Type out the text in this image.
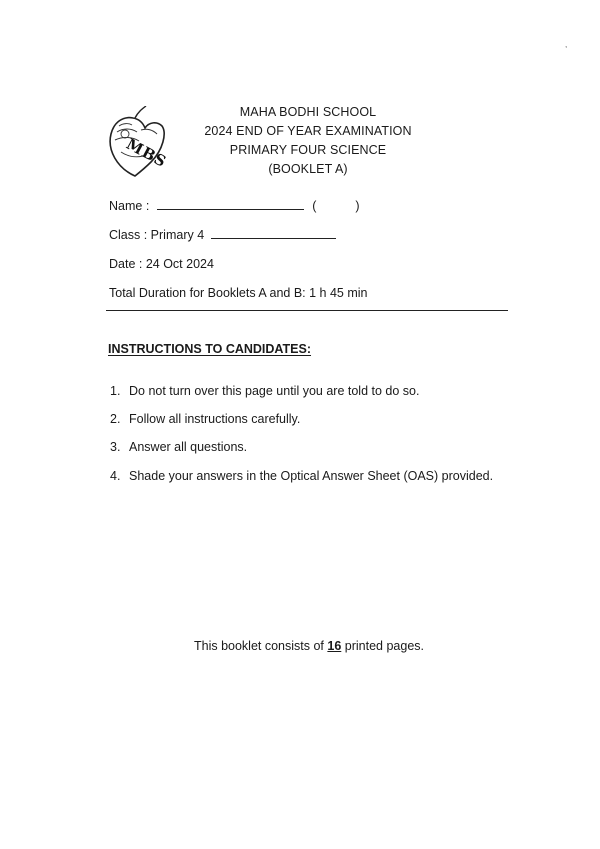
,
MBS
MAHA BODHI SCHOOL
2024 END OF YEAR EXAMINATION
PRIMARY FOUR SCIENCE
(BOOKLET A)
Name :	(	)
Class : Primary 4
Date : 24 Oct 2024
Total Duration for Booklets A and B: 1 h 45 min
INSTRUCTIONS TO CANDIDATES:
1. Do not turn over this page until you are told to do so.
2. Follow all instructions carefully.
3. Answer all questions.
4. Shade your answers in the Optical Answer Sheet (OAS) provided.
This booklet consists of 16 printed pages.
